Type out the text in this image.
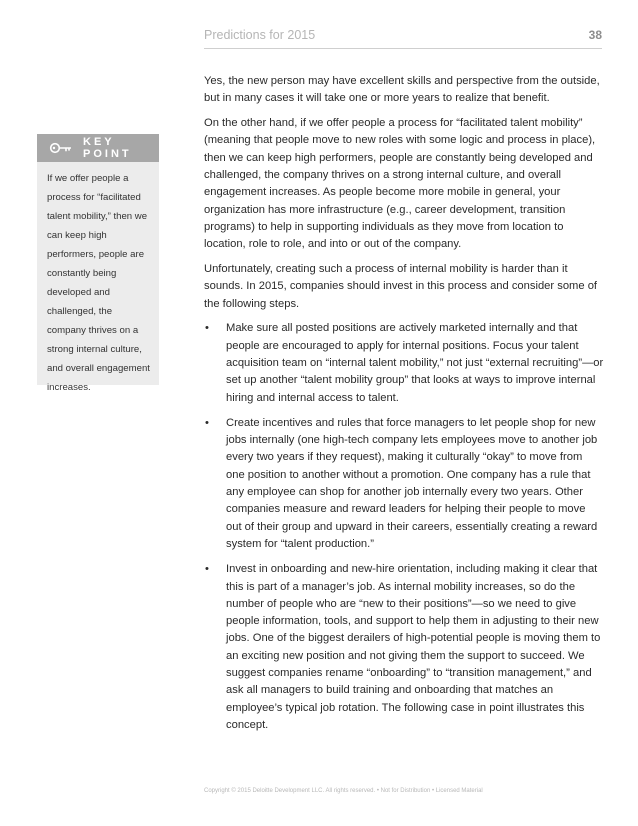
Predictions for 2015	38
KEY POINT
If we offer people a process for “facilitated talent mobility,” then we can keep high performers, people are constantly being developed and challenged, the company thrives on a strong internal culture, and overall engagement increases.

Yes, the new person may have excellent skills and perspective from the outside, but in many cases it will take one or more years to realize that benefit.

On the other hand, if we offer people a process for “facilitated talent mobility” (meaning that people move to new roles with some logic and process in place), then we can keep high performers, people are constantly being developed and challenged, the company thrives on a strong internal culture, and overall engagement increases. As people become more mobile in general, your organization has more infrastructure (e.g., career development, transition programs) to help in supporting individuals as they move from location to location, role to role, and into or out of the company.

Unfortunately, creating such a process of internal mobility is harder than it sounds. In 2015, companies should invest in this process and consider some of the following steps.

• Make sure all posted positions are actively marketed internally and that people are encouraged to apply for internal positions. Focus your talent acquisition team on “internal talent mobility,” not just “external recruiting”—or set up another “talent mobility group” that looks at ways to improve internal hiring and internal access to talent.
• Create incentives and rules that force managers to let people shop for new jobs internally (one high-tech company lets employees move to another job every two years if they request), making it culturally “okay” to move from one position to another without a promotion. One company has a rule that any employee can shop for another job internally every two years. Other companies measure and reward leaders for helping their people to move out of their group and upward in their careers, essentially creating a reward system for “talent production.”
• Invest in onboarding and new-hire orientation, including making it clear that this is part of a manager’s job. As internal mobility increases, so do the number of people who are “new to their positions”—so we need to give people information, tools, and support to help them in adjusting to their new jobs. One of the biggest derailers of high-potential people is moving them to an exciting new position and not giving them the support to succeed. We suggest companies rename “onboarding” to “transition management,” and ask all managers to build training and onboarding that matches an employee’s typical job rotation. The following case in point illustrates this concept.
Copyright © 2015 Deloitte Development LLC. All rights reserved. • Not for Distribution • Licensed Material
